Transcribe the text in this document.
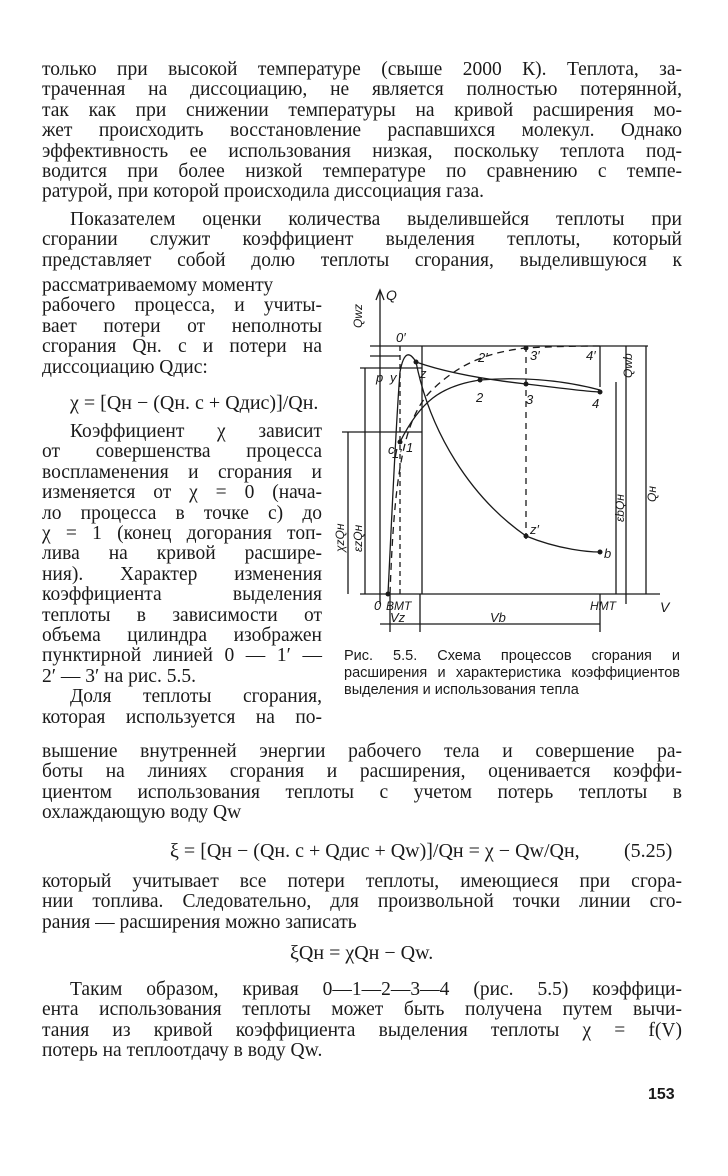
только при высокой температуре (свыше 2000 К). Теплота, за-
траченная на диссоциацию, не является полностью потерянной,
так как при снижении температуры на кривой расширения мо-
жет происходить восстановление распавшихся молекул. Однако
эффективность ее использования низкая, поскольку теплота под-
водится при более низкой температуре по сравнению с темпе-
ратурой, при которой происходила диссоциация газа.
Показателем оценки количества выделившейся теплоты при
сгорании служит коэффициент выделения теплоты, который
представляет собой долю теплоты сгорания, выделившуюся к
рассматриваемому моменту
рабочего процесса, и учиты-
вает потери от неполноты
сгорания Qн. с и потери на
диссоциацию Qдис:
χ = [Qн − (Qн. с + Qдис)]/Qн.
Коэффициент χ зависит
от совершенства процесса
воспламенения и сгорания и
изменяется от χ = 0 (нача-
ло процесса в точке c) до
χ = 1 (конец догорания топ-
лива на кривой расшире-
ния). Характер изменения
коэффициента выделения
теплоты в зависимости от
объема цилиндра изображен
пунктирной линией 0 — 1′ —
2′ — 3′ на рис. 5.5.
Доля теплоты сгорания,
которая используется на по-
Q
V
0′
z
y
p
1′ 1
c
2′	3′	4′
2	3	4
z′
b
0 ВМТ	НМТ
Vz	Vb
Qwz
Qwb
Qн
εbQн
χzQн εzQн
Рис. 5.5. Схема процессов сгорания и расширения и характеристика коэффициентов выделения и использования тепла
вышение внутренней энергии рабочего тела и совершение ра-
боты на линиях сгорания и расширения, оценивается коэффи-
циентом использования теплоты с учетом потерь теплоты в
охлаждающую воду Qw
ξ = [Qн − (Qн. с + Qдис + Qw)]/Qн = χ − Qw/Qн, (5.25)
который учитывает все потери теплоты, имеющиеся при сгора-
нии топлива. Следовательно, для произвольной точки линии сго-
рания — расширения можно записать
ξQн = χQн − Qw.
Таким образом, кривая 0—1—2—3—4 (рис. 5.5) коэффици-
ента использования теплоты может быть получена путем вычи-
тания из кривой коэффициента выделения теплоты χ = f(V)
потерь на теплоотдачу в воду Qw.
153
